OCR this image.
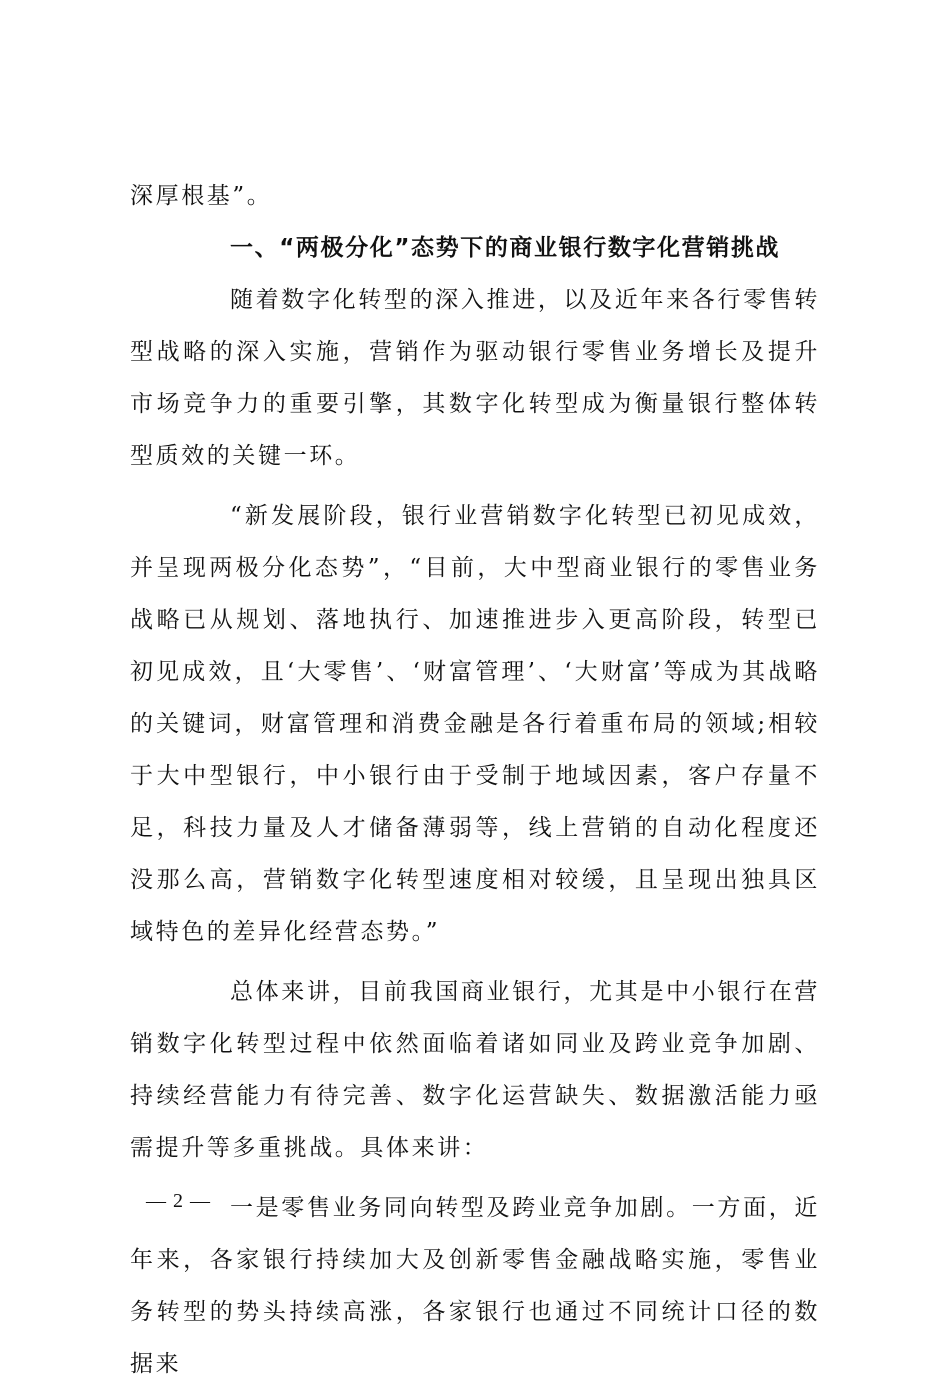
深厚根基”。

一、“两极分化”态势下的商业银行数字化营销挑战

随着数字化转型的深入推进，以及近年来各行零售转型战略的深入实施，营销作为驱动银行零售业务增长及提升市场竞争力的重要引擎，其数字化转型成为衡量银行整体转型质效的关键一环。

“新发展阶段，银行业营销数字化转型已初见成效，并呈现两极分化态势”，“目前，大中型商业银行的零售业务战略已从规划、落地执行、加速推进步入更高阶段，转型已初见成效，且‘大零售’、‘财富管理’、‘大财富’等成为其战略的关键词，财富管理和消费金融是各行着重布局的领域;相较于大中型银行，中小银行由于受制于地域因素，客户存量不足，科技力量及人才储备薄弱等，线上营销的自动化程度还没那么高，营销数字化转型速度相对较缓，且呈现出独具区域特色的差异化经营态势。”

总体来讲，目前我国商业银行，尤其是中小银行在营销数字化转型过程中依然面临着诸如同业及跨业竞争加剧、持续经营能力有待完善、数字化运营缺失、数据激活能力亟需提升等多重挑战。具体来讲：

一是零售业务同向转型及跨业竞争加剧。一方面，近年来，各家银行持续加大及创新零售金融战略实施，零售业务转型的势头持续高涨，各家银行也通过不同统计口径的数据来

— 2 —
